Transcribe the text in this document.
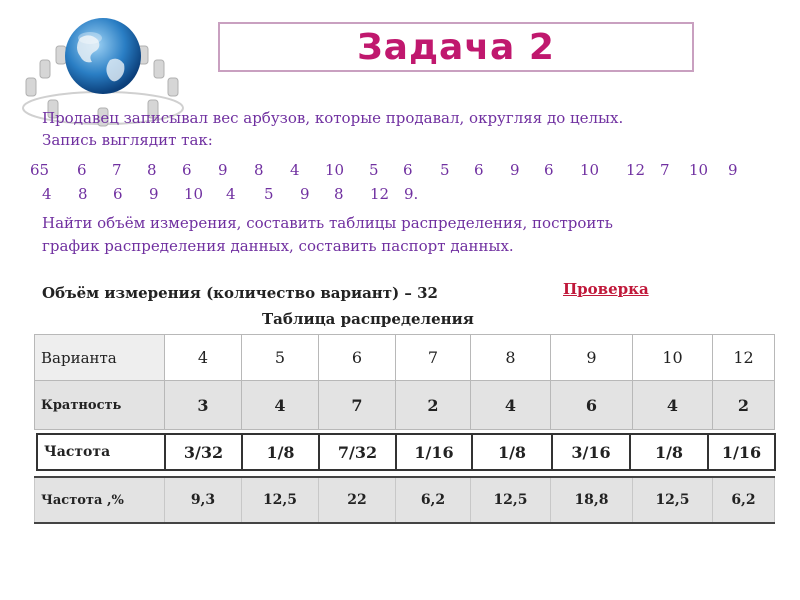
Задача 2
Продавец записывал вес арбузов, которые продавал, округляя до целых.
Запись выглядит так:
65 6 7 8 6 9 8 4 10 5 6 5 6 9 6 10 12 7 10 9
4 8 6 9 10 4 5 9 8 12 9.
Найти объём измерения, составить таблицы распределения, построить
график распределения данных, составить паспорт данных.
Объём измерения (количество вариант) – 32	Проверка
Таблица распределения
Варианта	4	5	6	7	8	9	10	12
Кратность	3	4	7	2	4	6	4	2
Частота	3/32	1/8	7/32	1/16	1/8	3/16	1/8	1/16
Частота ,%	9,3	12,5	22	6,2	12,5	18,8	12,5	6,2
